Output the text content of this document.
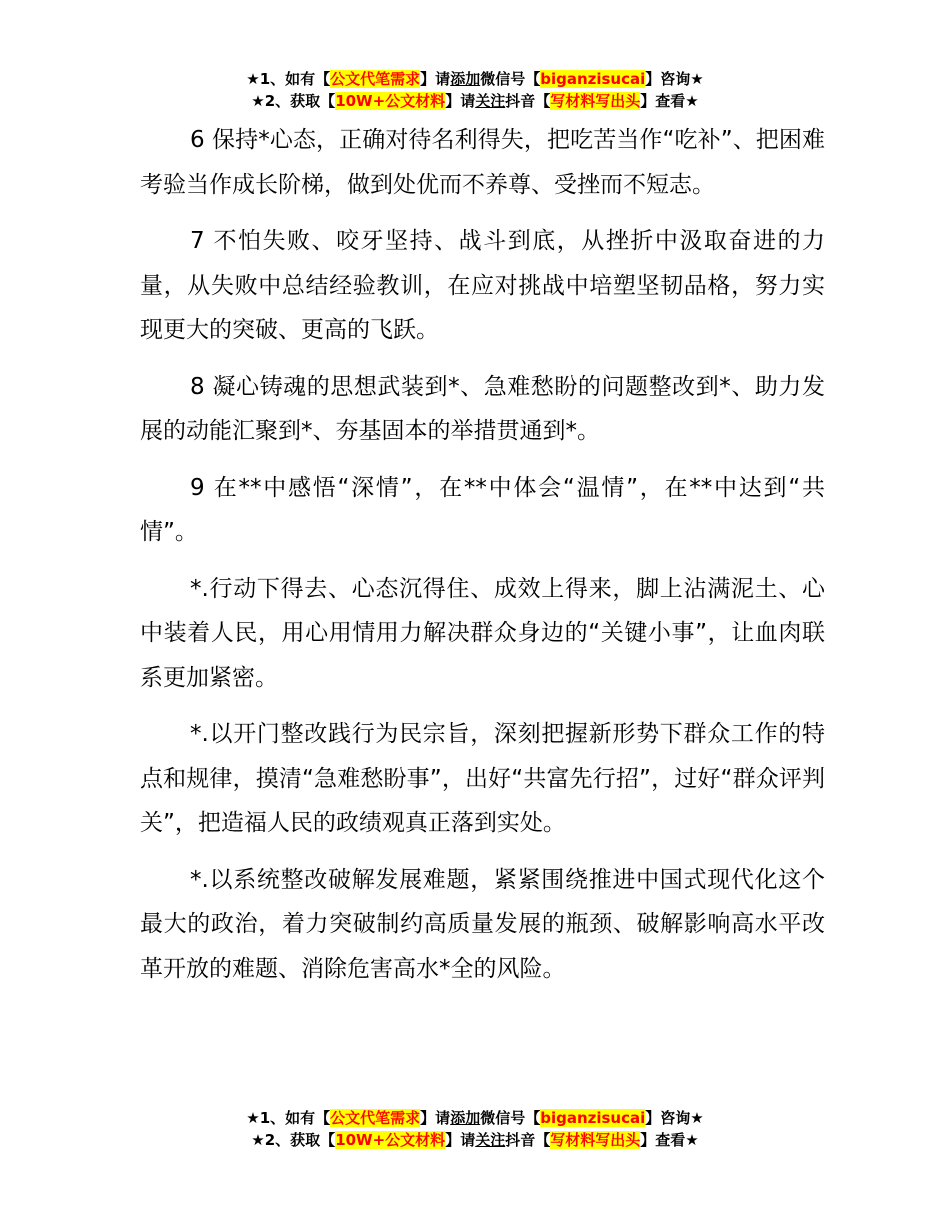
★1、如有【公文代笔需求】请添加微信号【biganzisucai】咨询★
★2、获取【10W+公文材料】请关注抖音【写材料写出头】查看★

6 保持*心态，正确对待名利得失，把吃苦当作“吃补”、把困难考验当作成长阶梯，做到处优而不养尊、受挫而不短志。

7 不怕失败、咬牙坚持、战斗到底，从挫折中汲取奋进的力量，从失败中总结经验教训，在应对挑战中培塑坚韧品格，努力实现更大的突破、更高的飞跃。

8 凝心铸魂的思想武装到*、急难愁盼的问题整改到*、助力发展的动能汇聚到*、夯基固本的举措贯通到*。

9 在**中感悟“深情”，在**中体会“温情”，在**中达到“共情”。

*.行动下得去、心态沉得住、成效上得来，脚上沾满泥土、心中装着人民，用心用情用力解决群众身边的“关键小事”，让血肉联系更加紧密。

*.以开门整改践行为民宗旨，深刻把握新形势下群众工作的特点和规律，摸清“急难愁盼事”，出好“共富先行招”，过好“群众评判关”，把造福人民的政绩观真正落到实处。

*.以系统整改破解发展难题，紧紧围绕推进中国式现代化这个最大的政治，着力突破制约高质量发展的瓶颈、破解影响高水平改革开放的难题、消除危害高水*全的风险。

★1、如有【公文代笔需求】请添加微信号【biganzisucai】咨询★
★2、获取【10W+公文材料】请关注抖音【写材料写出头】查看★
